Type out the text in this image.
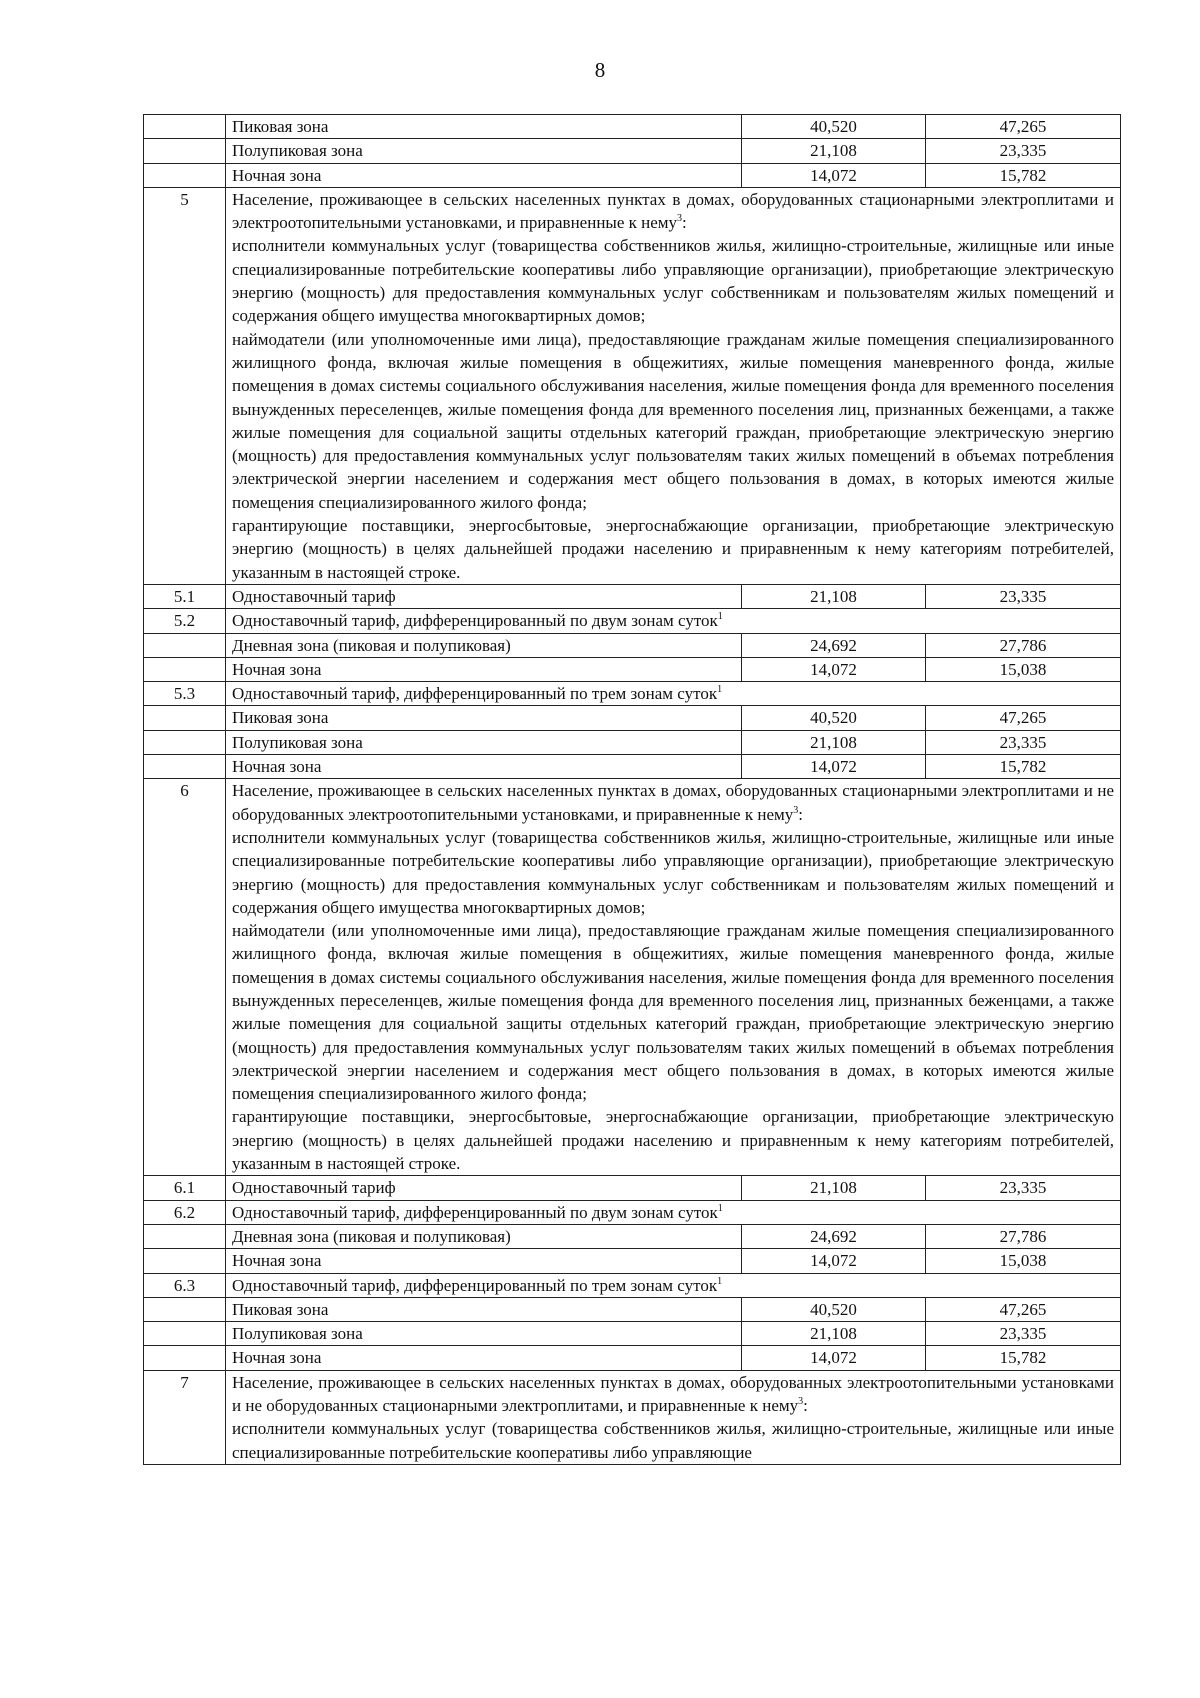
8
	Пиковая зона	40,520	47,265
	Полупиковая зона	21,108	23,335
	Ночная зона	14,072	15,782
5	Население, проживающее в сельских населенных пунктах в домах, оборудованных стационарными электроплитами и электроотопительными установками, и приравненные к нему$^3$:
исполнители коммунальных услуг (товарищества собственников жилья, жилищно-строительные, жилищные или иные специализированные потребительские кооперативы либо управляющие организации), приобретающие электрическую энергию (мощность) для предоставления коммунальных услуг собственникам и пользователям жилых помещений и содержания общего имущества многоквартирных домов;
наймодатели (или уполномоченные ими лица), предоставляющие гражданам жилые помещения специализированного жилищного фонда, включая жилые помещения в общежитиях, жилые помещения маневренного фонда, жилые помещения в домах системы социального обслуживания населения, жилые помещения фонда для временного поселения вынужденных переселенцев, жилые помещения фонда для временного поселения лиц, признанных беженцами, а также жилые помещения для социальной защиты отдельных категорий граждан, приобретающие электрическую энергию (мощность) для предоставления коммунальных услуг пользователям таких жилых помещений в объемах потребления электрической энергии населением и содержания мест общего пользования в домах, в которых имеются жилые помещения специализированного жилого фонда;
гарантирующие поставщики, энергосбытовые, энергоснабжающие организации, приобретающие электрическую энергию (мощность) в целях дальнейшей продажи населению и приравненным к нему категориям потребителей, указанным в настоящей строке.		

5.1	Одноставочный тариф	21,108	23,335
5.2	Одноставочный тариф, дифференцированный по двум зонам суток$^1$
	Дневная зона (пиковая и полупиковая)	24,692	27,786
	Ночная зона	14,072	15,038
5.3	Одноставочный тариф, дифференцированный по трем зонам суток$^1$
	Пиковая зона	40,520	47,265
	Полупиковая зона	21,108	23,335
	Ночная зона	14,072	15,782
6	Население, проживающее в сельских населенных пунктах в домах, оборудованных стационарными электроплитами и не оборудованных электроотопительными установками, и приравненные к нему$^3$:
исполнители коммунальных услуг (товарищества собственников жилья, жилищно-строительные, жилищные или иные специализированные потребительские кооперативы либо управляющие организации), приобретающие электрическую энергию (мощность) для предоставления коммунальных услуг собственникам и пользователям жилых помещений и содержания общего имущества многоквартирных домов;
наймодатели (или уполномоченные ими лица), предоставляющие гражданам жилые помещения специализированного жилищного фонда, включая жилые помещения в общежитиях, жилые помещения маневренного фонда, жилые помещения в домах системы социального обслуживания населения, жилые помещения фонда для временного поселения вынужденных переселенцев, жилые помещения фонда для временного поселения лиц, признанных беженцами, а также жилые помещения для социальной защиты отдельных категорий граждан, приобретающие электрическую энергию (мощность) для предоставления коммунальных услуг пользователям таких жилых помещений в объемах потребления электрической энергии населением и содержания мест общего пользования в домах, в которых имеются жилые помещения специализированного жилого фонда;
гарантирующие поставщики, энергосбытовые, энергоснабжающие организации, приобретающие электрическую энергию (мощность) в целях дальнейшей продажи населению и приравненным к нему категориям потребителей, указанным в настоящей строке.		

6.1	Одноставочный тариф	21,108	23,335
6.2	Одноставочный тариф, дифференцированный по двум зонам суток$^1$
	Дневная зона (пиковая и полупиковая)	24,692	27,786
	Ночная зона	14,072	15,038
6.3	Одноставочный тариф, дифференцированный по трем зонам суток$^1$
	Пиковая зона	40,520	47,265
	Полупиковая зона	21,108	23,335
	Ночная зона	14,072	15,782
7	Население, проживающее в сельских населенных пунктах в домах, оборудованных электроотопительными установками и не оборудованных стационарными электроплитами, и приравненные к нему$^3$:
исполнители коммунальных услуг (товарищества собственников жилья, жилищно-строительные, жилищные или иные специализированные потребительские кооперативы либо управляющие		
